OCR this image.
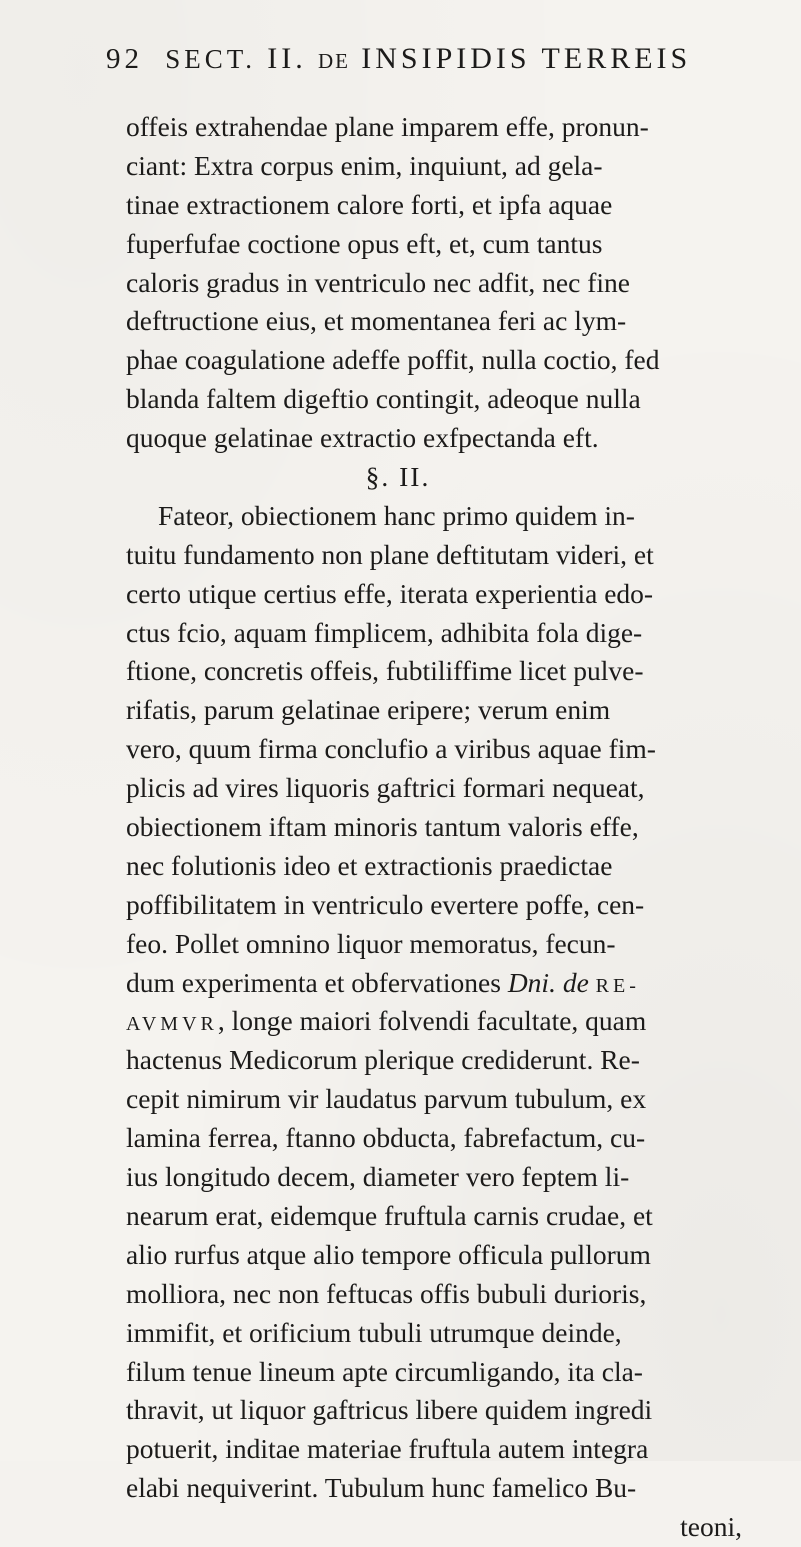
92 SECT. II. DE INSIPIDIS TERREIS
offeis extrahendae plane imparem effe, pronun-
ciant: Extra corpus enim, inquiunt, ad gela-
tinae extractionem calore forti, et ipfa aquae
fuperfufae coctione opus eft, et, cum tantus
caloris gradus in ventriculo nec adfit, nec fine
deftructione eius, et momentanea feri ac lym-
phae coagulatione adeffe poffit, nulla coctio, fed
blanda faltem digeftio contingit, adeoque nulla
quoque gelatinae extractio exfpectanda eft.
§. II.
Fateor, obiectionem hanc primo quidem in-
tuitu fundamento non plane deftitutam videri, et
certo utique certius effe, iterata experientia edo-
ctus fcio, aquam fimplicem, adhibita fola dige-
ftione, concretis offeis, fubtiliffime licet pulve-
rifatis, parum gelatinae eripere; verum enim
vero, quum firma conclufio a viribus aquae fim-
plicis ad vires liquoris gaftrici formari nequeat,
obiectionem iftam minoris tantum valoris effe,
nec folutionis ideo et extractionis praedictae
poffibilitatem in ventriculo evertere poffe, cen-
feo. Pollet omnino liquor memoratus, fecun-
dum experimenta et obfervationes Dni. de RE-
AVMVR, longe maiori folvendi facultate, quam
hactenus Medicorum plerique crediderunt. Re-
cepit nimirum vir laudatus parvum tubulum, ex
lamina ferrea, ftanno obducta, fabrefactum, cu-
ius longitudo decem, diameter vero feptem li-
nearum erat, eidemque fruftula carnis crudae, et
alio rurfus atque alio tempore officula pullorum
molliora, nec non feftucas offis bubuli durioris,
immifit, et orificium tubuli utrumque deinde,
filum tenue lineum apte circumligando, ita cla-
thravit, ut liquor gaftricus libere quidem ingredi
potuerit, inditae materiae fruftula autem integra
elabi nequiverint. Tubulum hunc famelico Bu-
teoni,
